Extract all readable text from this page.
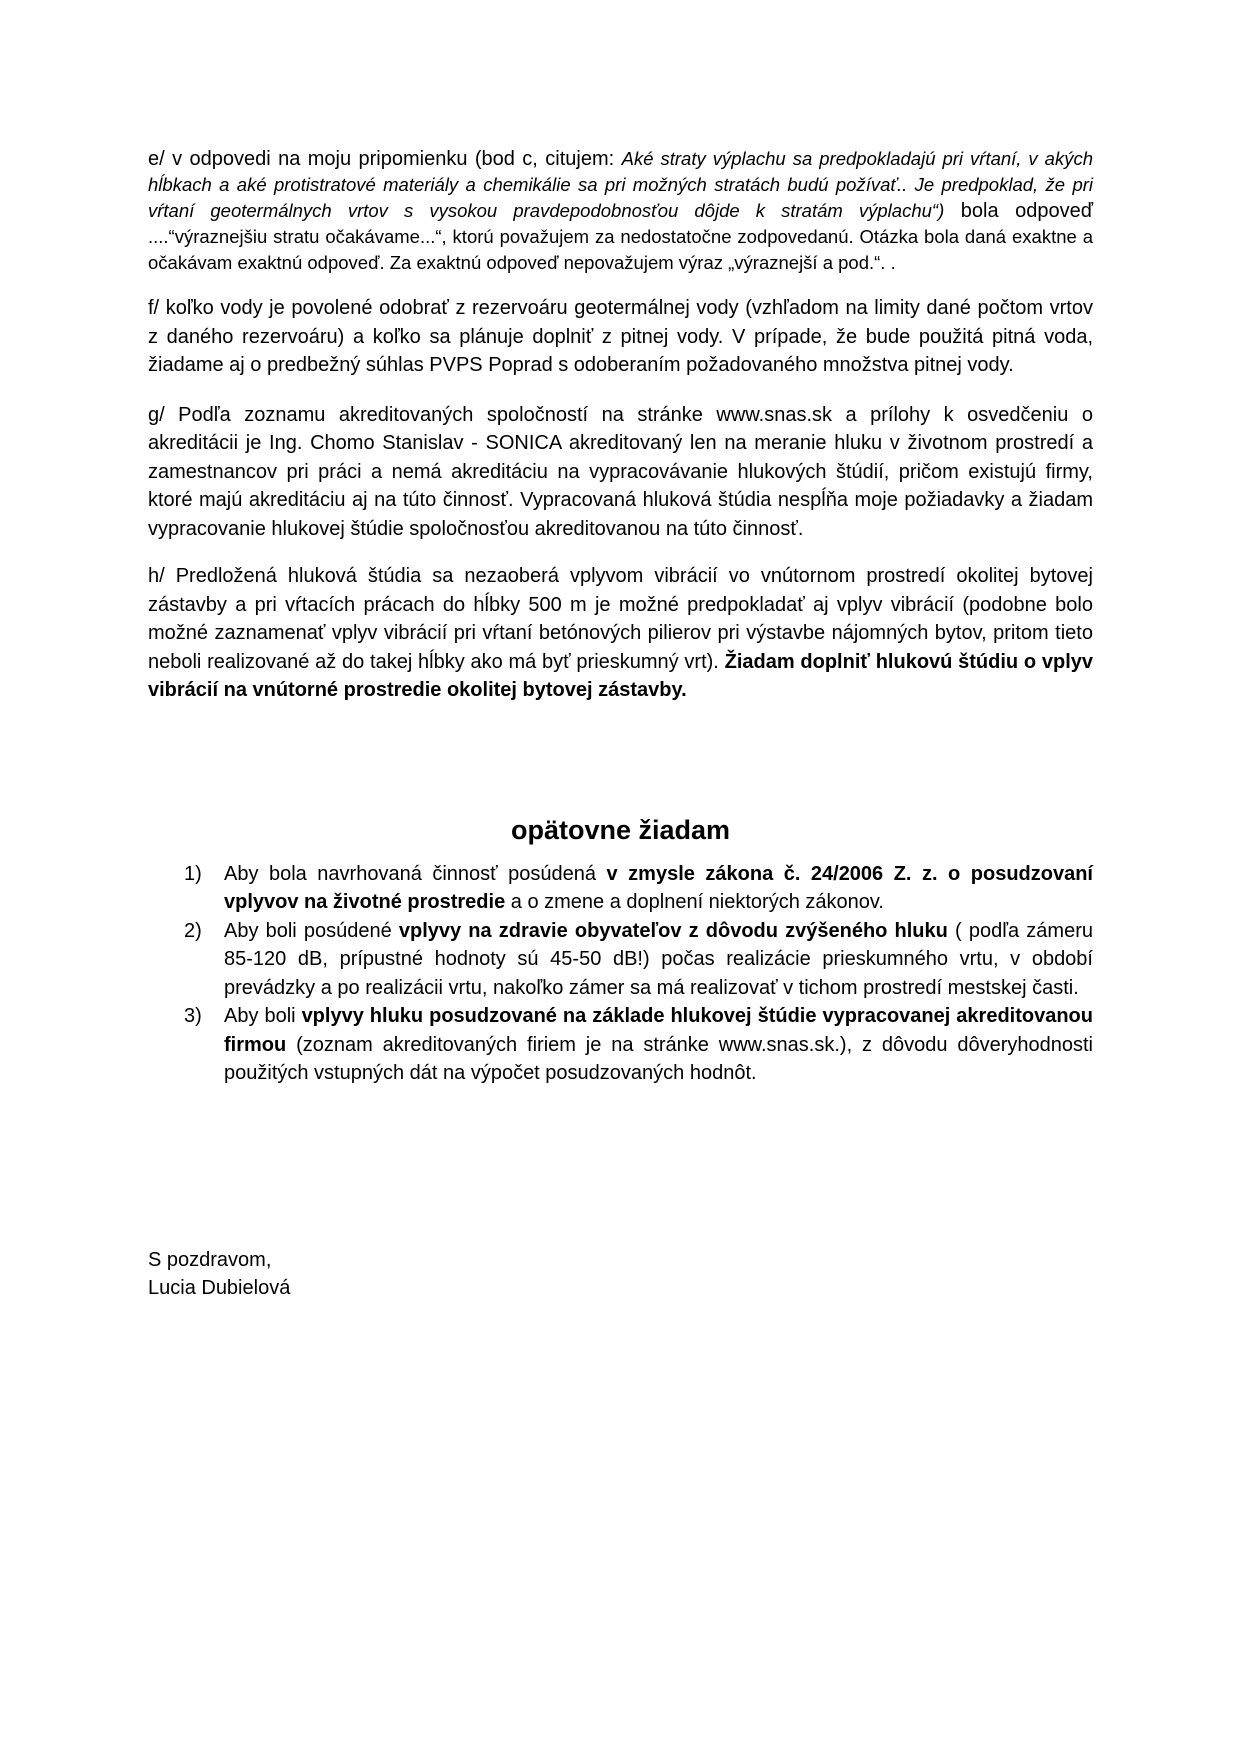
e/ v odpovedi na moju pripomienku (bod c, citujem: Aké straty výplachu sa predpokladajú pri vŕtaní, v akých hĺbkach a aké protistratové materiály a chemikálie sa pri možných stratách budú požívať.. Je predpoklad, že pri vŕtaní geotermálnych vrtov s vysokou pravdepodobnosťou dôjde k stratám výplachu“) bola odpoveď ....“výraznejšiu stratu očakávame...“, ktorú považujem za nedostatočne zodpovedanú. Otázka bola daná exaktne a očakávam exaktnú odpoveď. Za exaktnú odpoveď nepovažujem výraz „výraznejší a pod.“. .

f/ koľko vody je povolené odobrať z rezervoáru geotermálnej vody (vzhľadom na limity dané počtom vrtov z daného rezervoáru) a koľko sa plánuje doplniť z pitnej vody. V prípade, že bude použitá pitná voda, žiadame aj o predbežný súhlas PVPS Poprad s odoberaním požadovaného množstva pitnej vody.

g/ Podľa zoznamu akreditovaných spoločností na stránke www.snas.sk a prílohy k osvedčeniu o akreditácii je Ing. Chomo Stanislav - SONICA akreditovaný len na meranie hluku v životnom prostredí a zamestnancov pri práci a nemá akreditáciu na vypracovávanie hlukových štúdií, pričom existujú firmy, ktoré majú akreditáciu aj na túto činnosť. Vypracovaná hluková štúdia nespĺňa moje požiadavky a žiadam vypracovanie hlukovej štúdie spoločnosťou akreditovanou na túto činnosť.

h/ Predložená hluková štúdia sa nezaoberá vplyvom vibrácií vo vnútornom prostredí okolitej bytovej zástavby a pri vŕtacích prácach do hĺbky 500 m je možné predpokladať aj vplyv vibrácií (podobne bolo možné zaznamenať vplyv vibrácií pri vŕtaní betónových pilierov pri výstavbe nájomných bytov, pritom tieto neboli realizované až do takej hĺbky ako má byť prieskumný vrt). Žiadam doplniť hlukovú štúdiu o vplyv vibrácií na vnútorné prostredie okolitej bytovej zástavby.

opätovne žiadam
1) Aby bola navrhovaná činnosť posúdená v zmysle zákona č. 24/2006 Z. z. o posudzovaní vplyvov na životné prostredie a o zmene a doplnení niektorých zákonov.
2) Aby boli posúdené vplyvy na zdravie obyvateľov z dôvodu zvýšeného hluku ( podľa zámeru 85-120 dB, prípustné hodnoty sú 45-50 dB!) počas realizácie prieskumného vrtu, v období prevádzky a po realizácii vrtu, nakoľko zámer sa má realizovať v tichom prostredí mestskej časti.
3) Aby boli vplyvy hluku posudzované na základe hlukovej štúdie vypracovanej akreditovanou firmou (zoznam akreditovaných firiem je na stránke www.snas.sk.), z dôvodu dôveryhodnosti použitých vstupných dát na výpočet posudzovaných hodnôt.
S pozdravom,
Lucia Dubielová
